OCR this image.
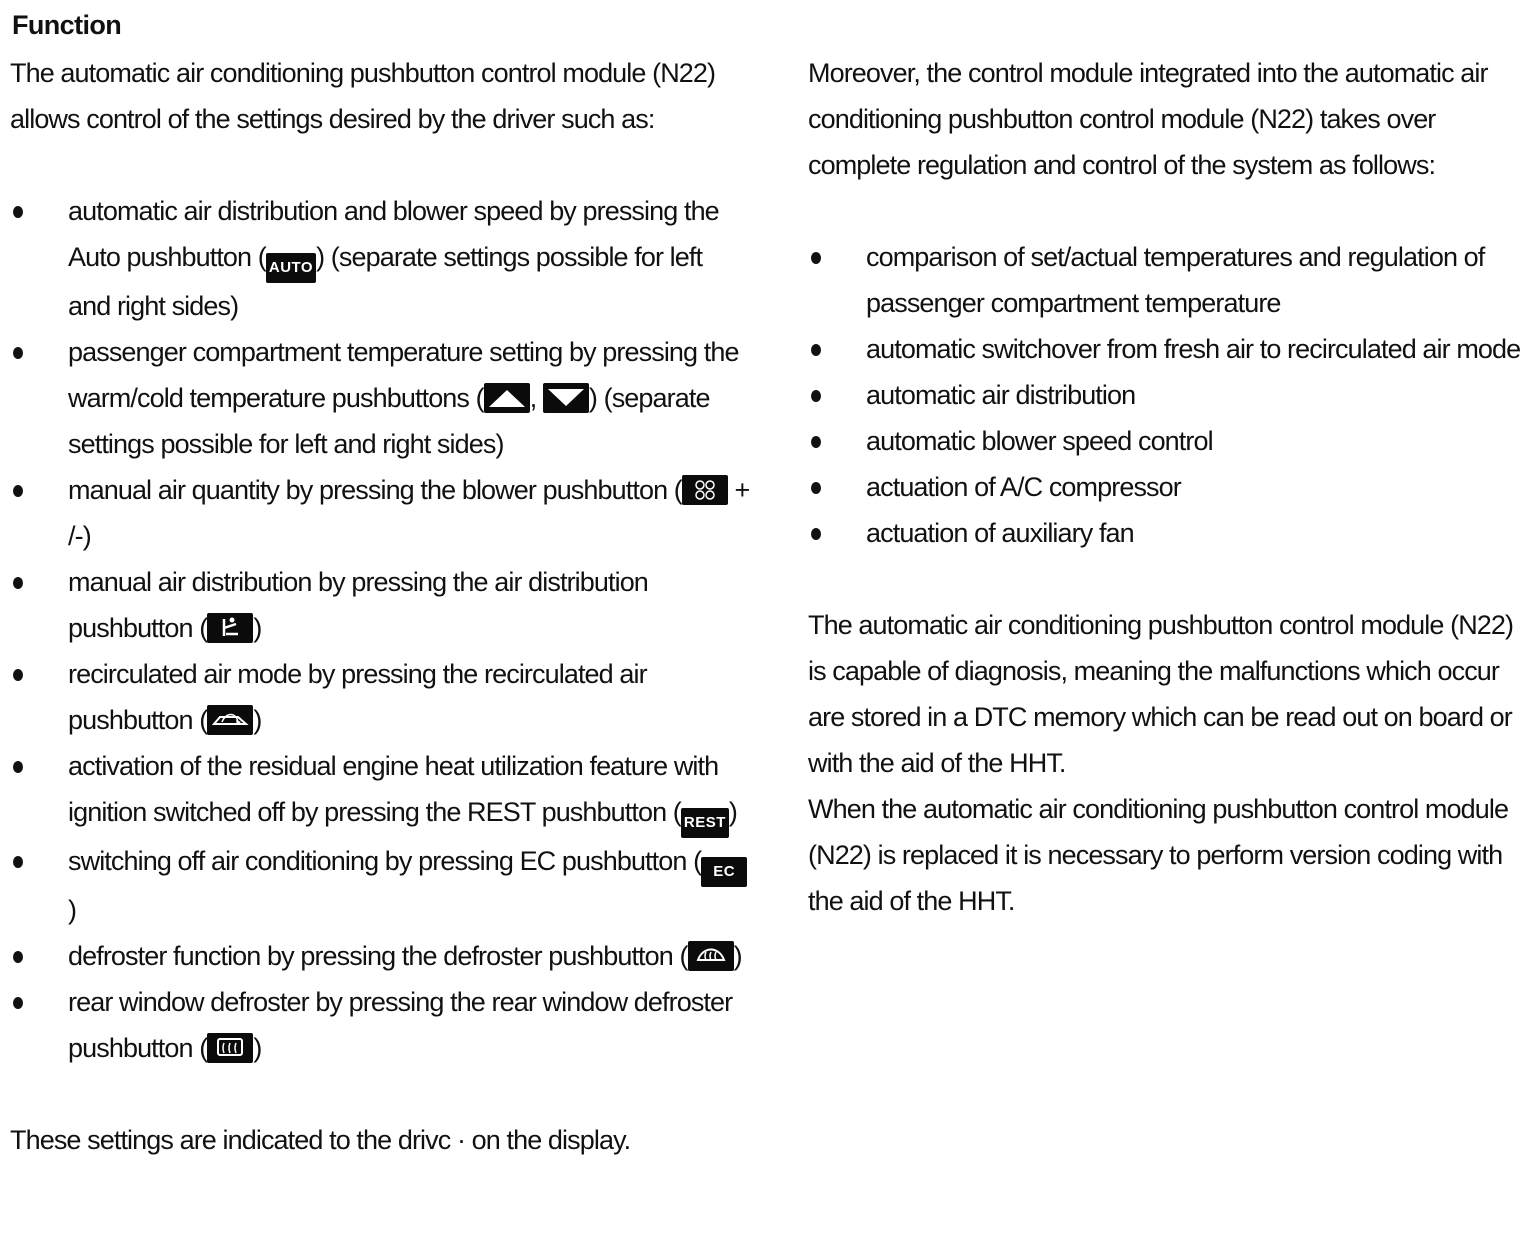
Function

The automatic air conditioning pushbutton control module (N22)

allows control of the settings desired by the driver such as:

automatic air distribution and blower speed by pressing the Auto pushbutton ( AUTO ) (separate settings possible for left and right sides)
passenger compartment temperature setting by pressing the warm/cold temperature pushbuttons ( ,
) (separate settings possible for left and right sides)
manual air quantity by pressing the blower pushbutton (
+ /-)
manual air distribution by pressing the air distribution pushbutton ( )
recirculated air mode by pressing the recirculated air pushbutton ( )
activation of the residual engine heat utilization feature with ignition switched off by pressing the REST pushbutton ( REST )
switching off air conditioning by pressing EC pushbutton ( EC)
defroster function by pressing the defroster pushbutton ( )
rear window defroster by pressing the rear window defroster pushbutton ( )

These settings are indicated to the drivc · on the display.

Moreover, the control module integrated into the automatic air conditioning pushbutton control module (N22) takes over complete regulation and control of the system as follows:

comparison of set/actual temperatures and regulation of passenger compartment temperature
automatic switchover from fresh air to recirculated air mode
automatic air distribution
automatic blower speed control
actuation of A/C compressor
actuation of auxiliary fan

The automatic air conditioning pushbutton control module (N22) is capable of diagnosis, meaning the malfunctions which occur are stored in a DTC memory which can be read out on board or with the aid of the HHT.

When the automatic air conditioning pushbutton control module (N22) is replaced it is necessary to perform version coding with the aid of the HHT.
